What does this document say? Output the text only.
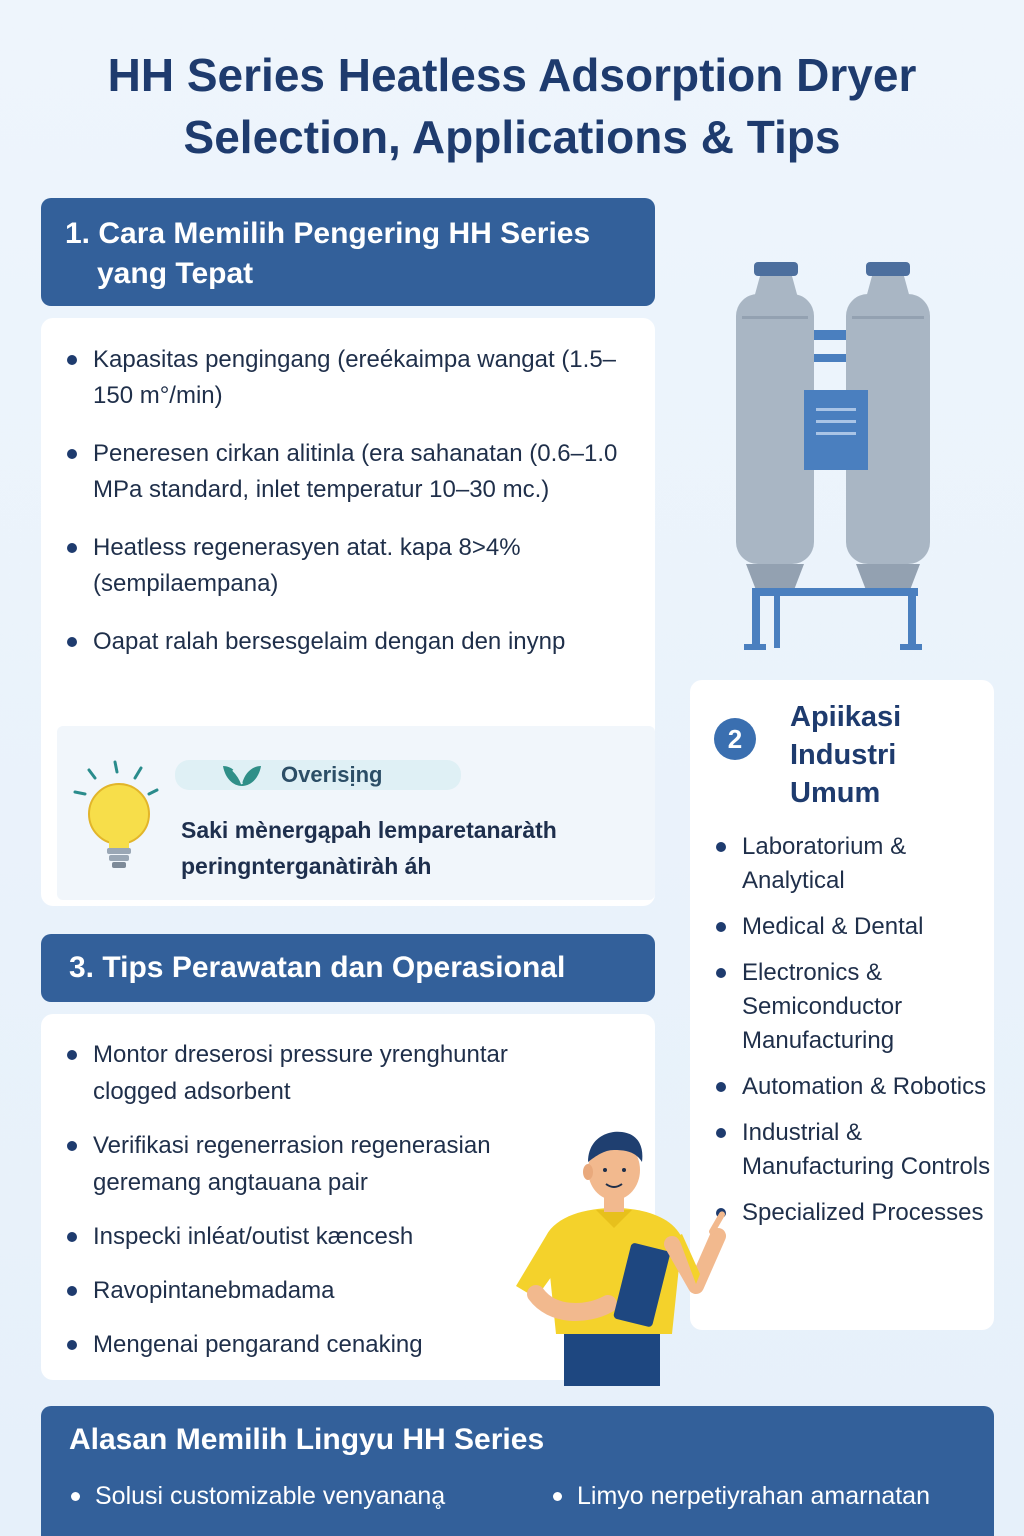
HH Series Heatless Adsorption Dryer
Selection, Applications & Tips
1. Cara Memilih Pengering HH Series
yang Tepat
Kapasitas pengingang (ereékaimpa wangat (1.5–150 m°/min)
Peneresen cirkan alitinla (era sahanatan (0.6–1.0 MPa standard, inlet temperatur 10–30 mc.)
Heatless regenerasyen atat. kapa 8>4% (sempilaempana)
Oapat ralah bersesgelaim dengan den inynp
Overisịng
Saki mènergąpah lemparetanaràth peringnterganàtiràh áh
2
Apiikasi
Industri
Umum
Laboratorium & Analytical
Medical & Dental
Electronics & Semiconductor Manufacturing
Automation & Robotics
Industrial & Manufacturing Controls
Specialized Processes
3. Tips Perawatan dan Operasional
Montor dreserosi pressure yrenghuntar clogged adsorbent
Verifikasi regenerrasion regenerasian geremang angtauana pair
Inspecki inléat/outist kæncesh
Ravopintanebmadama
Mengenai pengarand cenaking
Alasan Memilih Lingyu HH Series
Solusi customizable venyananḁ	Limyo nerpetiyrahan amarnatan
